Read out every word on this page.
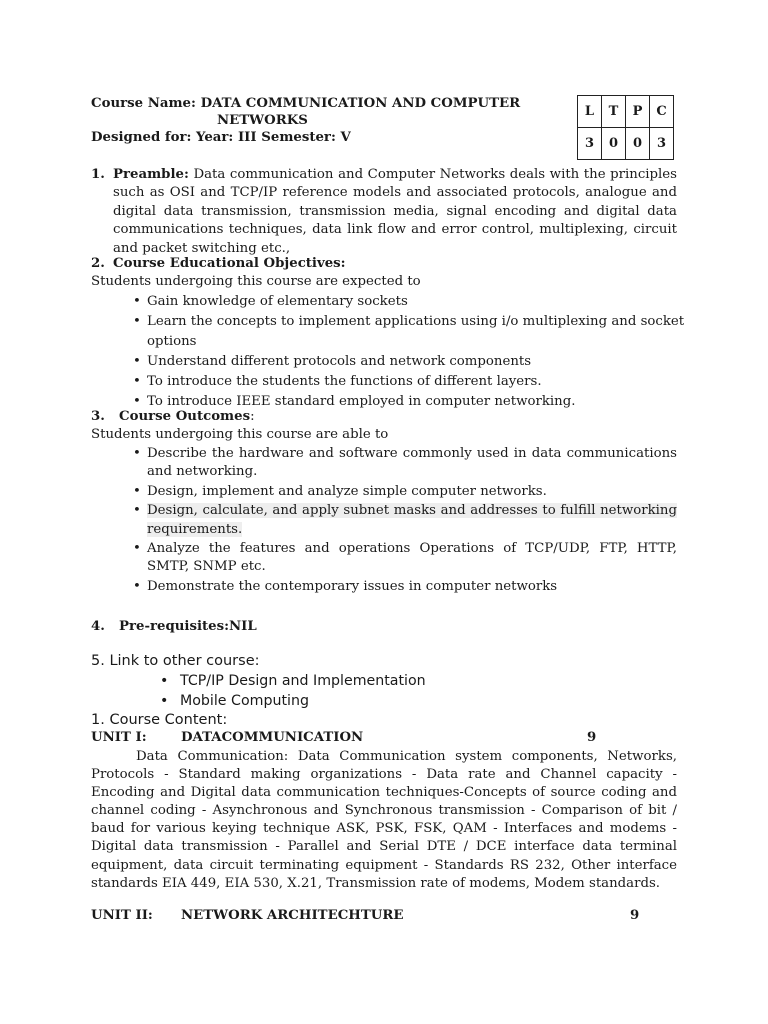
Course Name: DATA COMMUNICATION AND COMPUTER
NETWORKS
Designed for: Year: III Semester: V
L	T	P	C
3	0	0	3
1. Preamble: Data communication and Computer Networks deals with the principles such as OSI and TCP/IP reference models and associated protocols, analogue and digital data transmission, transmission media, signal encoding and digital data communications techniques, data link flow and error control, multiplexing, circuit and packet switching etc.,
2. Course Educational Objectives:
Students undergoing this course are expected to
• Gain knowledge of elementary sockets
• Learn the concepts to implement applications using i/o multiplexing and socket options
• Understand different protocols and network components
• To introduce the students the functions of different layers.
• To introduce IEEE standard employed in computer networking.
3. Course Outcomes:
Students undergoing this course are able to
• Describe the hardware and software commonly used in data communications and networking.
• Design, implement and analyze simple computer networks.
• Design, calculate, and apply subnet masks and addresses to fulfill networking requirements.
• Analyze the features and operations Operations of TCP/UDP, FTP, HTTP, SMTP, SNMP etc.
• Demonstrate the contemporary issues in computer networks
4. Pre-requisites:NIL
5. Link to other course:
• TCP/IP Design and Implementation
• Mobile Computing
1. Course Content:
UNIT I:	DATACOMMUNICATION	9
Data Communication: Data Communication system components, Networks, Protocols - Standard making organizations - Data rate and Channel capacity - Encoding and Digital data communication techniques-Concepts of source coding and channel coding - Asynchronous and Synchronous transmission - Comparison of bit / baud for various keying technique ASK, PSK, FSK, QAM - Interfaces and modems - Digital data transmission - Parallel and Serial DTE / DCE interface data terminal equipment, data circuit terminating equipment - Standards RS 232, Other interface standards EIA 449, EIA 530, X.21, Transmission rate of modems, Modem standards.
UNIT II: NETWORK ARCHITECHTURE	9
